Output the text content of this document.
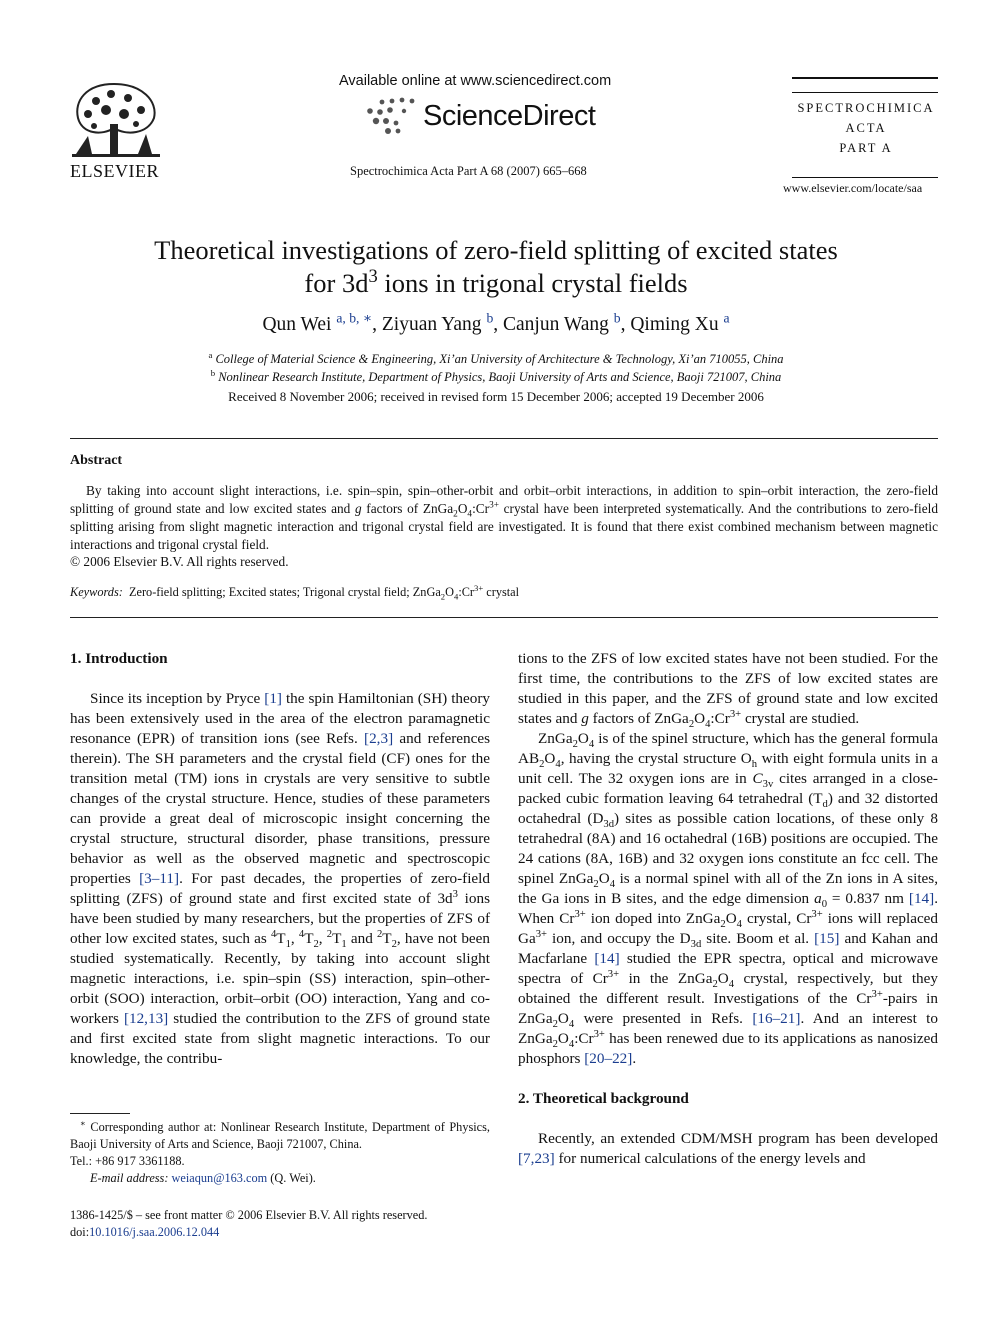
ELSEVIER
Available online at www.sciencedirect.com
ScienceDirect
Spectrochimica Acta Part A 68 (2007) 665–668
SPECTROCHIMICA
ACTA
PART A
www.elsevier.com/locate/saa
Theoretical investigations of zero-field splitting of excited states
for $3d^3$ ions in trigonal crystal fields
Qun Wei $^{a, b, ∗}$, Ziyuan Yang $^b$, Canjun Wang $^b$, Qiming Xu $^a$
$^a$ College of Material Science & Engineering, Xi’an University of Architecture & Technology, Xi’an 710055, China
$^b$ Nonlinear Research Institute, Department of Physics, Baoji University of Arts and Science, Baoji 721007, China
Received 8 November 2006; received in revised form 15 December 2006; accepted 19 December 2006
Abstract

By taking into account slight interactions, i.e. spin–spin, spin–other-orbit and orbit–orbit interactions, in addition to spin–orbit interaction, the zero-field splitting of ground state and low excited states and g factors of $ZnGa_2O_4:Cr^{3+}$ crystal have been interpreted systematically. And the contributions to zero-field splitting arising from slight magnetic interaction and trigonal crystal field are investigated. It is found that there exist combined mechanism between magnetic interactions and trigonal crystal field.

© 2006 Elsevier B.V. All rights reserved.
Keywords: Zero-field splitting; Excited states; Trigonal crystal field; $ZnGa_2O_4:Cr^{3+}$ crystal
1. Introduction

Since its inception by Pryce [1] the spin Hamiltonian (SH) theory has been extensively used in the area of the electron paramagnetic resonance (EPR) of transition ions (see Refs. [2,3] and references therein). The SH parameters and the crystal field (CF) ones for the transition metal (TM) ions in crystals are very sensitive to subtle changes of the crystal structure. Hence, studies of these parameters can provide a great deal of microscopic insight concerning the crystal structure, structural disorder, phase transitions, pressure behavior as well as the observed magnetic and spectroscopic properties [3–11]. For past decades, the properties of zero-field splitting (ZFS) of ground state and first excited state of $3d^3$ ions have been studied by many researchers, but the properties of ZFS of other low excited states, such as $^4T_1$, $^4T_2$, $^2T_1$ and $^2T_2$, have not been studied systematically. Recently, by taking into account slight magnetic interactions, i.e. spin–spin (SS) interaction, spin–other-orbit (SOO) interaction, orbit–orbit (OO) interaction, Yang and co-workers [12,13] studied the contribution to the ZFS of ground state and first excited state from slight magnetic interactions. To our knowledge, the contribu-

tions to the ZFS of low excited states have not been studied. For the first time, the contributions to the ZFS of low excited states are studied in this paper, and the ZFS of ground state and low excited states and g factors of $ZnGa_2O_4:Cr^{3+}$ crystal are studied.

$ZnGa_2O_4$ is of the spinel structure, which has the general formula $AB_2O_4$, having the crystal structure $O_h$ with eight formula units in a unit cell. The 32 oxygen ions are in $C_{3v}$ cites arranged in a close-packed cubic formation leaving 64 tetrahedral $(T_d)$ and 32 distorted octahedral $(D_{3d})$ sites as possible cation locations, of these only 8 tetrahedral (8A) and 16 octahedral (16B) positions are occupied. The 24 cations (8A, 16B) and 32 oxygen ions constitute an fcc cell. The spinel $ZnGa_2O_4$ is a normal spinel with all of the Zn ions in A sites, the Ga ions in B sites, and the edge dimension $a_0 = 0.837$ nm [14]. When $Cr^{3+}$ ion doped into $ZnGa_2O_4$ crystal, $Cr^{3+}$ ions will replaced $Ga^{3+}$ ion, and occupy the $D_{3d}$ site. Boom et al. [15] and Kahan and Macfarlane [14] studied the EPR spectra, optical and microwave spectra of $Cr^{3+}$ in the $ZnGa_2O_4$ crystal, respectively, but they obtained the different result. Investigations of the $Cr^{3+}$-pairs in $ZnGa_2O_4$ were presented in Refs. [16–21]. And an interest to $ZnGa_2O_4:Cr^{3+}$ has been renewed due to its applications as nanosized phosphors [20–22].

2. Theoretical background

Recently, an extended CDM/MSH program has been developed [7,23] for numerical calculations of the energy levels and

∗ Corresponding author at: Nonlinear Research Institute, Department of Physics, Baoji University of Arts and Science, Baoji 721007, China.

Tel.: +86 917 3361188.

E-mail address: weiaqun@163.com (Q. Wei).

1386-1425/$ – see front matter © 2006 Elsevier B.V. All rights reserved.
doi:10.1016/j.saa.2006.12.044
